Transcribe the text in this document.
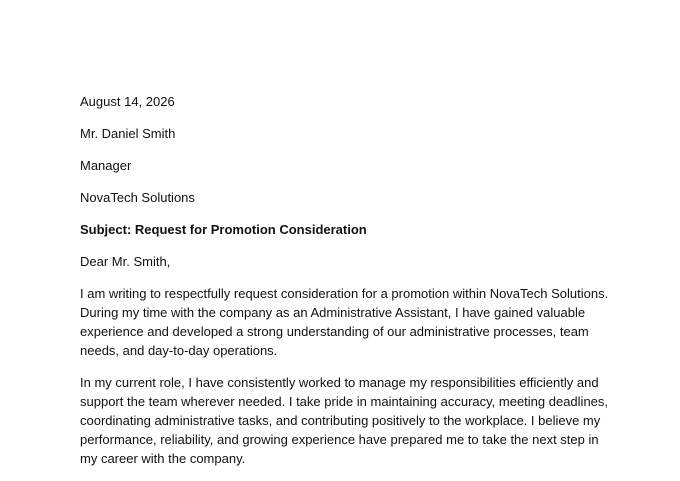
August 14, 2026
Mr. Daniel Smith
Manager
NovaTech Solutions
Subject: Request for Promotion Consideration
Dear Mr. Smith,

I am writing to respectfully request consideration for a promotion within NovaTech Solutions. During my time with the company as an Administrative Assistant, I have gained valuable experience and developed a strong understanding of our administrative processes, team needs, and day-to-day operations.

In my current role, I have consistently worked to manage my responsibilities efficiently and support the team wherever needed. I take pride in maintaining accuracy, meeting deadlines, coordinating administrative tasks, and contributing positively to the workplace. I believe my performance, reliability, and growing experience have prepared me to take the next step in my career with the company.
